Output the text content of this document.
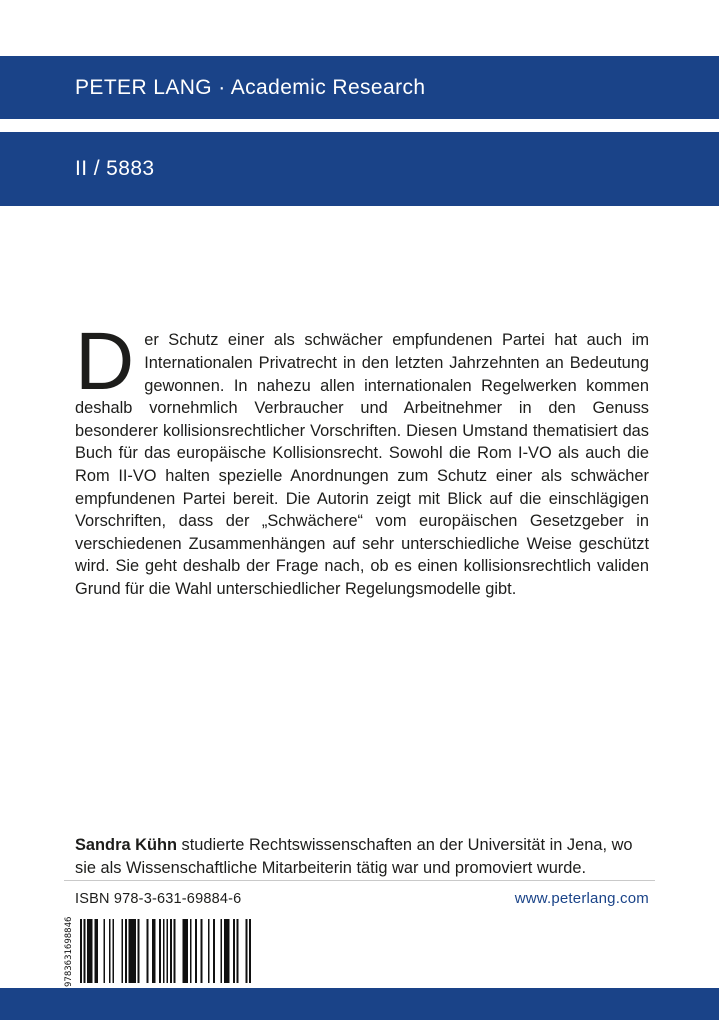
PETER LANG · Academic Research
II / 5883

Der Schutz einer als schwächer empfundenen Partei hat auch im Internationalen Privatrecht in den letzten Jahrzehnten an Bedeutung gewonnen. In nahezu allen internationalen Regelwerken kommen deshalb vornehmlich Verbraucher und Arbeitnehmer in den Genuss besonderer kollisionsrechtlicher Vorschriften. Diesen Umstand thematisiert das Buch für das europäische Kollisionsrecht. Sowohl die Rom I-VO als auch die Rom II-VO halten spezielle Anordnungen zum Schutz einer als schwächer empfundenen Partei bereit. Die Autorin zeigt mit Blick auf die einschlägigen Vorschriften, dass der „Schwächere“ vom europäischen Gesetzgeber in verschiedenen Zusammenhängen auf sehr unterschiedliche Weise geschützt wird. Sie geht deshalb der Frage nach, ob es einen kollisionsrechtlich validen Grund für die Wahl unterschiedlicher Regelungsmodelle gibt.

Sandra Kühn studierte Rechtswissenschaften an der Universität in Jena, wo sie als Wissenschaftliche Mitarbeiterin tätig war und promoviert wurde.

ISBN 978-3-631-69884-6	www.peterlang.com
9783631698846
